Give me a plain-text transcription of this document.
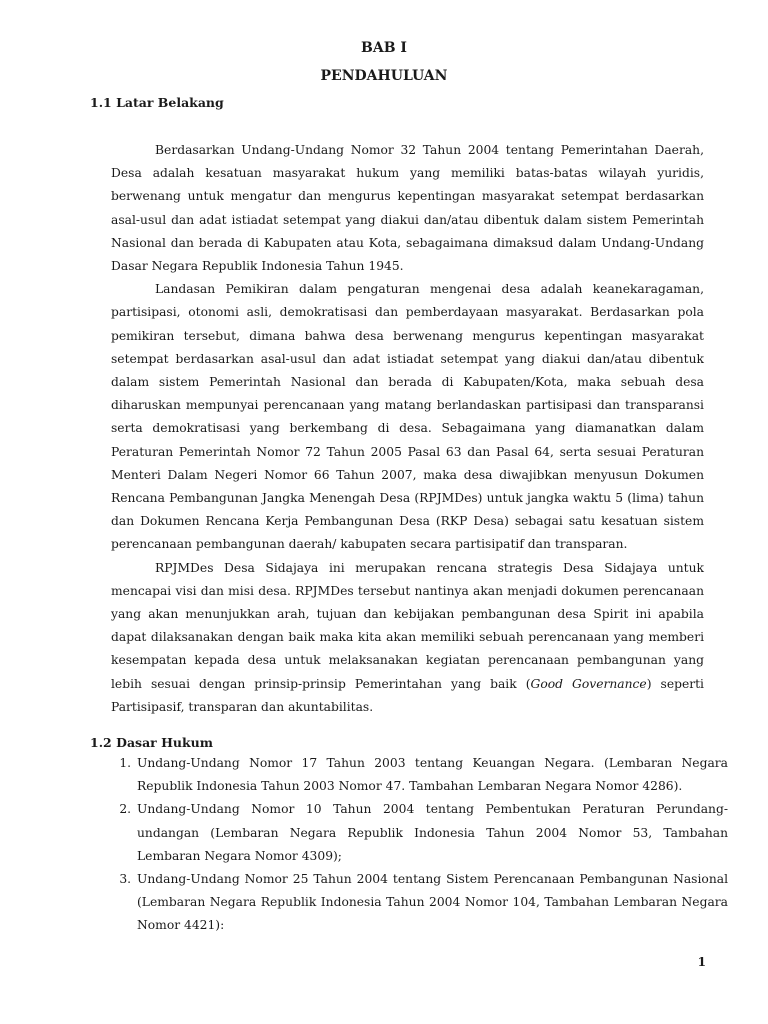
BAB I
PENDAHULUAN
1.1 Latar Belakang

Berdasarkan Undang-Undang Nomor 32 Tahun 2004 tentang Pemerintahan Daerah, Desa adalah kesatuan masyarakat hukum yang memiliki batas-batas wilayah yuridis, berwenang untuk mengatur dan mengurus kepentingan masyarakat setempat berdasarkan asal-usul dan adat istiadat setempat yang diakui dan/atau dibentuk dalam sistem Pemerintah Nasional dan berada di Kabupaten atau Kota, sebagaimana dimaksud dalam Undang-Undang Dasar Negara Republik Indonesia Tahun 1945.

Landasan Pemikiran dalam pengaturan mengenai desa adalah keanekaragaman, partisipasi, otonomi asli, demokratisasi dan pemberdayaan masyarakat. Berdasarkan pola pemikiran tersebut, dimana bahwa desa berwenang mengurus kepentingan masyarakat setempat berdasarkan asal-usul dan adat istiadat setempat yang diakui dan/atau dibentuk dalam sistem Pemerintah Nasional dan berada di Kabupaten/Kota, maka sebuah desa diharuskan mempunyai perencanaan yang matang berlandaskan partisipasi dan transparansi serta demokratisasi yang berkembang di desa. Sebagaimana yang diamanatkan dalam Peraturan Pemerintah Nomor 72 Tahun 2005 Pasal 63 dan Pasal 64, serta sesuai Peraturan Menteri Dalam Negeri Nomor 66 Tahun 2007, maka desa diwajibkan menyusun Dokumen Rencana Pembangunan Jangka Menengah Desa (RPJMDes) untuk jangka waktu 5 (lima) tahun dan Dokumen Rencana Kerja Pembangunan Desa (RKP Desa) sebagai satu kesatuan sistem perencanaan pembangunan daerah/ kabupaten secara partisipatif dan transparan.

RPJMDes Desa Sidajaya ini merupakan rencana strategis Desa Sidajaya untuk mencapai visi dan misi desa. RPJMDes tersebut nantinya akan menjadi dokumen perencanaan yang akan menunjukkan arah, tujuan dan kebijakan pembangunan desa Spirit ini apabila dapat dilaksanakan dengan baik maka kita akan memiliki sebuah perencanaan yang memberi kesempatan kepada desa untuk melaksanakan kegiatan perencanaan pembangunan yang lebih sesuai dengan prinsip-prinsip Pemerintahan yang baik (Good Governance) seperti Partisipasif, transparan dan akuntabilitas.

1.2 Dasar Hukum
1. Undang-Undang Nomor 17 Tahun 2003 tentang Keuangan Negara. (Lembaran Negara Republik Indonesia Tahun 2003 Nomor 47. Tambahan Lembaran Negara Nomor 4286).
2. Undang-Undang Nomor 10 Tahun 2004 tentang Pembentukan Peraturan Perundang-undangan (Lembaran Negara Republik Indonesia Tahun 2004 Nomor 53, Tambahan Lembaran Negara Nomor 4309);
3. Undang-Undang Nomor 25 Tahun 2004 tentang Sistem Perencanaan Pembangunan Nasional (Lembaran Negara Republik Indonesia Tahun 2004 Nomor 104, Tambahan Lembaran Negara Nomor 4421):
1
